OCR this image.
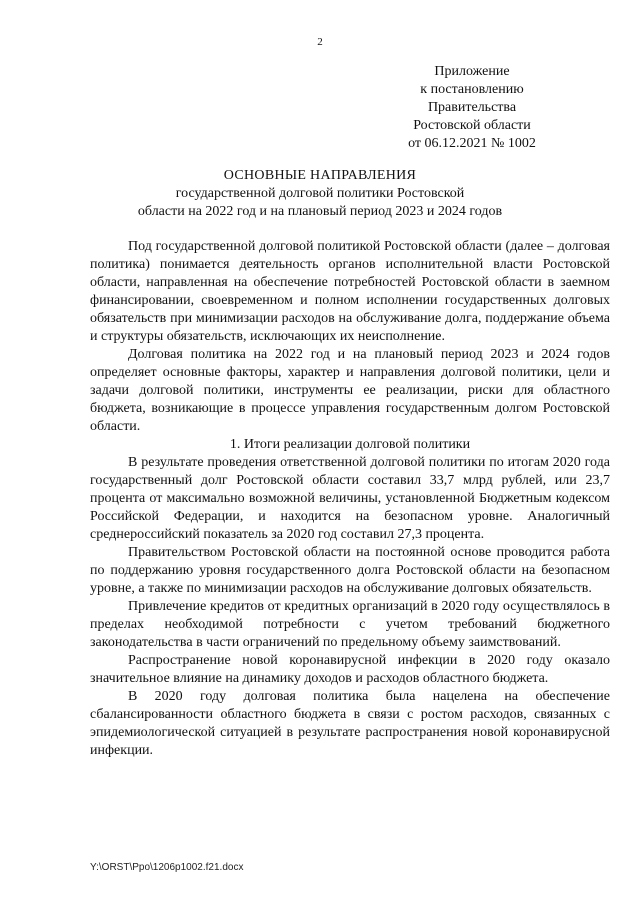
2
Приложение
к постановлению
Правительства
Ростовской области
от 06.12.2021 № 1002
ОСНОВНЫЕ НАПРАВЛЕНИЯ
государственной долговой политики Ростовской
области на 2022 год и на плановый период 2023 и 2024 годов

Под государственной долговой политикой Ростовской области (далее – долговая политика) понимается деятельность органов исполнительной власти Ростовской области, направленная на обеспечение потребностей Ростовской области в заемном финансировании, своевременном и полном исполнении государственных долговых обязательств при минимизации расходов на обслуживание долга, поддержание объема и структуры обязательств, исключающих их неисполнение.

Долговая политика на 2022 год и на плановый период 2023 и 2024 годов определяет основные факторы, характер и направления долговой политики, цели и задачи долговой политики, инструменты ее реализации, риски для областного бюджета, возникающие в процессе управления государственным долгом Ростовской области.

1. Итоги реализации долговой политики

В результате проведения ответственной долговой политики по итогам 2020 года государственный долг Ростовской области составил 33,7 млрд рублей, или 23,7 процента от максимально возможной величины, установленной Бюджетным кодексом Российской Федерации, и находится на безопасном уровне. Аналогичный среднероссийский показатель за 2020 год составил 27,3 процента.

Правительством Ростовской области на постоянной основе проводится работа по поддержанию уровня государственного долга Ростовской области на безопасном уровне, а также по минимизации расходов на обслуживание долговых обязательств.

Привлечение кредитов от кредитных организаций в 2020 году осуществлялось в пределах необходимой потребности с учетом требований бюджетного законодательства в части ограничений по предельному объему заимствований.

Распространение новой коронавирусной инфекции в 2020 году оказало значительное влияние на динамику доходов и расходов областного бюджета.

В 2020 году долговая политика была нацелена на обеспечение сбалансированности областного бюджета в связи с ростом расходов, связанных с эпидемиологической ситуацией в результате распространения новой коронавирусной инфекции.

Y:\ORST\Ppo\1206p1002.f21.docx
